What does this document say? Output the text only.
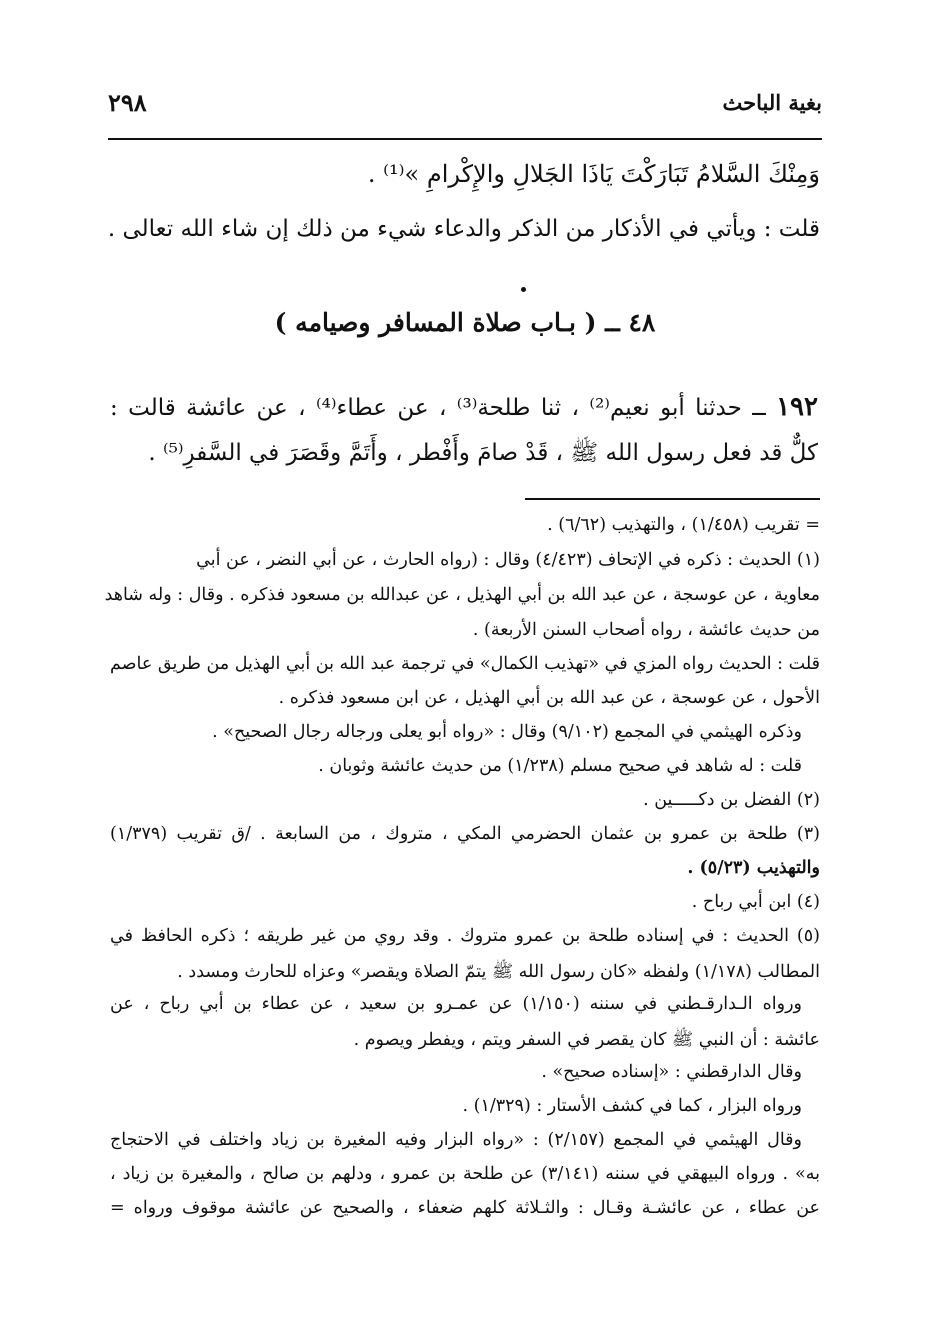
بغية الباحث
٢٩٨
وَمِنْكَ السَّلامُ تَبَارَكْتَ يَاذَا الجَلالِ والإِكْرامِ »⁽¹⁾ .
قلت : ويأتي في الأذكار من الذكر والدعاء شيء من ذلك إن شاء الله تعالى .
٤٨ ــ ( بـاب صلاة المسافر وصيامه )
١٩٢ ــ حدثنا أبو نعيم⁽²⁾ ، ثنا طلحة⁽³⁾ ، عن عطاء⁽⁴⁾ ، عن عائشة قالت :
كلٌّ قد فعل رسول الله ﷺ ، قَدْ صامَ وأَفْطر ، وأَتَمَّ وقَصَرَ في السَّفرِ⁽⁵⁾ .
= تقريب (١/٤٥٨) ، والتهذيب (٦/٦٢) .
(١) الحديث : ذكره في الإتحاف (٤/٤٢٣) وقال : (رواه الحارث ، عن أبي النضر ، عن أبي
معاوية ، عن عوسجة ، عن عبد الله بن أبي الهذيل ، عن عبدالله بن مسعود فذكره . وقال : وله شاهد
من حديث عائشة ، رواه أصحاب السنن الأربعة) .
قلت : الحديث رواه المزي في «تهذيب الكمال» في ترجمة عبد الله بن أبي الهذيل من طريق عاصم
الأحول ، عن عوسجة ، عن عبد الله بن أبي الهذيل ، عن ابن مسعود فذكره .
وذكره الهيثمي في المجمع (٩/١٠٢) وقال : «رواه أبو يعلى ورجاله رجال الصحيح» .
قلت : له شاهد في صحيح مسلم (١/٢٣٨) من حديث عائشة وثوبان .
(٢) الفضل بن دكـــــين .
(٣) طلحة بن عمرو بن عثمان الحضرمي المكي ، متروك ، من السابعة . /ق تقريب (١/٣٧٩)
والتهذيب (٥/٢٣) .
(٤) ابن أبي رباح .
(٥) الحديث : في إسناده طلحة بن عمرو متروك . وقد روي من غير طريقه ؛ ذكره الحافظ في
المطالب (١/١٧٨) ولفظه «كان رسول الله ﷺ يتمّ الصلاة ويقصر» وعزاه للحارث ومسدد .
ورواه الـدارقـطني في سننه (١/١٥٠) عن عمـرو بن سعيد ، عن عطاء بن أبي رباح ، عن
عائشة : أن النبي ﷺ كان يقصر في السفر ويتم ، ويفطر ويصوم .
وقال الدارقطني : «إسناده صحيح» .
ورواه البزار ، كما في كشف الأستار : (١/٣٢٩) .
وقال الهيثمي في المجمع (٢/١٥٧) : «رواه البزار وفيه المغيرة بن زياد واختلف في الاحتجاج
به» . ورواه البيهقي في سننه (٣/١٤١) عن طلحة بن عمرو ، ودلهم بن صالح ، والمغيرة بن زياد ،
عن عطاء ، عن عائشـة وقـال : والثـلاثة كلهم ضعفاء ، والصحيح عن عائشة موقوف ورواه =
